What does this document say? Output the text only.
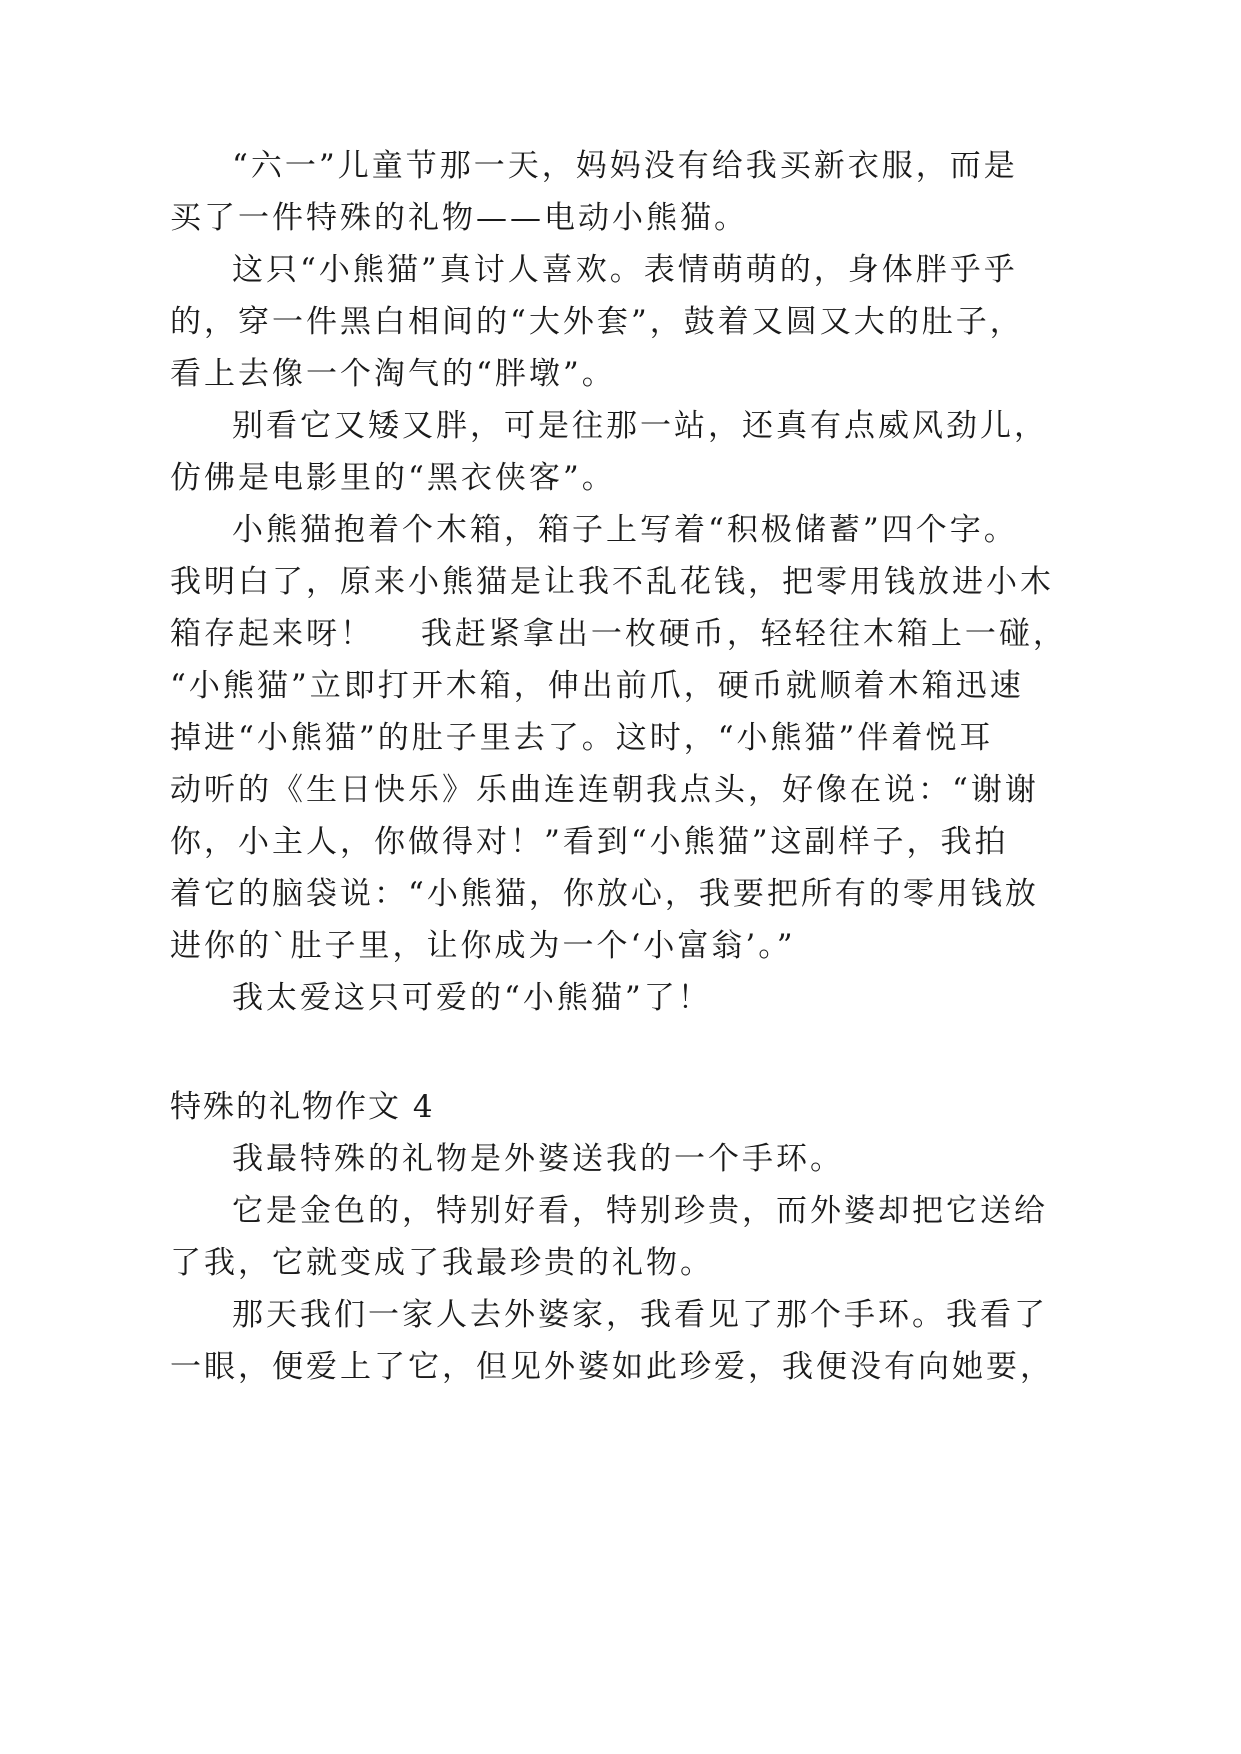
“六一”儿童节那一天，妈妈没有给我买新衣服，而是
买了一件特殊的礼物——电动小熊猫。
这只“小熊猫”真讨人喜欢。表情萌萌的，身体胖乎乎
的，穿一件黑白相间的“大外套”，鼓着又圆又大的肚子，
看上去像一个淘气的“胖墩”。
别看它又矮又胖，可是往那一站，还真有点威风劲儿，
仿佛是电影里的“黑衣侠客”。
小熊猫抱着个木箱，箱子上写着“积极储蓄”四个字。
我明白了，原来小熊猫是让我不乱花钱，把零用钱放进小木
箱存起来呀！　 我赶紧拿出一枚硬币，轻轻往木箱上一碰，
“小熊猫”立即打开木箱，伸出前爪，硬币就顺着木箱迅速
掉进“小熊猫”的肚子里去了。这时，“小熊猫”伴着悦耳
动听的《生日快乐》乐曲连连朝我点头，好像在说：“谢谢
你，小主人，你做得对！”看到“小熊猫”这副样子，我拍
着它的脑袋说：“小熊猫，你放心，我要把所有的零用钱放
进你的`肚子里，让你成为一个‘小富翁’。”
我太爱这只可爱的“小熊猫”了！
特殊的礼物作文 4
我最特殊的礼物是外婆送我的一个手环。
它是金色的，特别好看，特别珍贵，而外婆却把它送给
了我，它就变成了我最珍贵的礼物。
那天我们一家人去外婆家，我看见了那个手环。我看了
一眼，便爱上了它，但见外婆如此珍爱，我便没有向她要，
